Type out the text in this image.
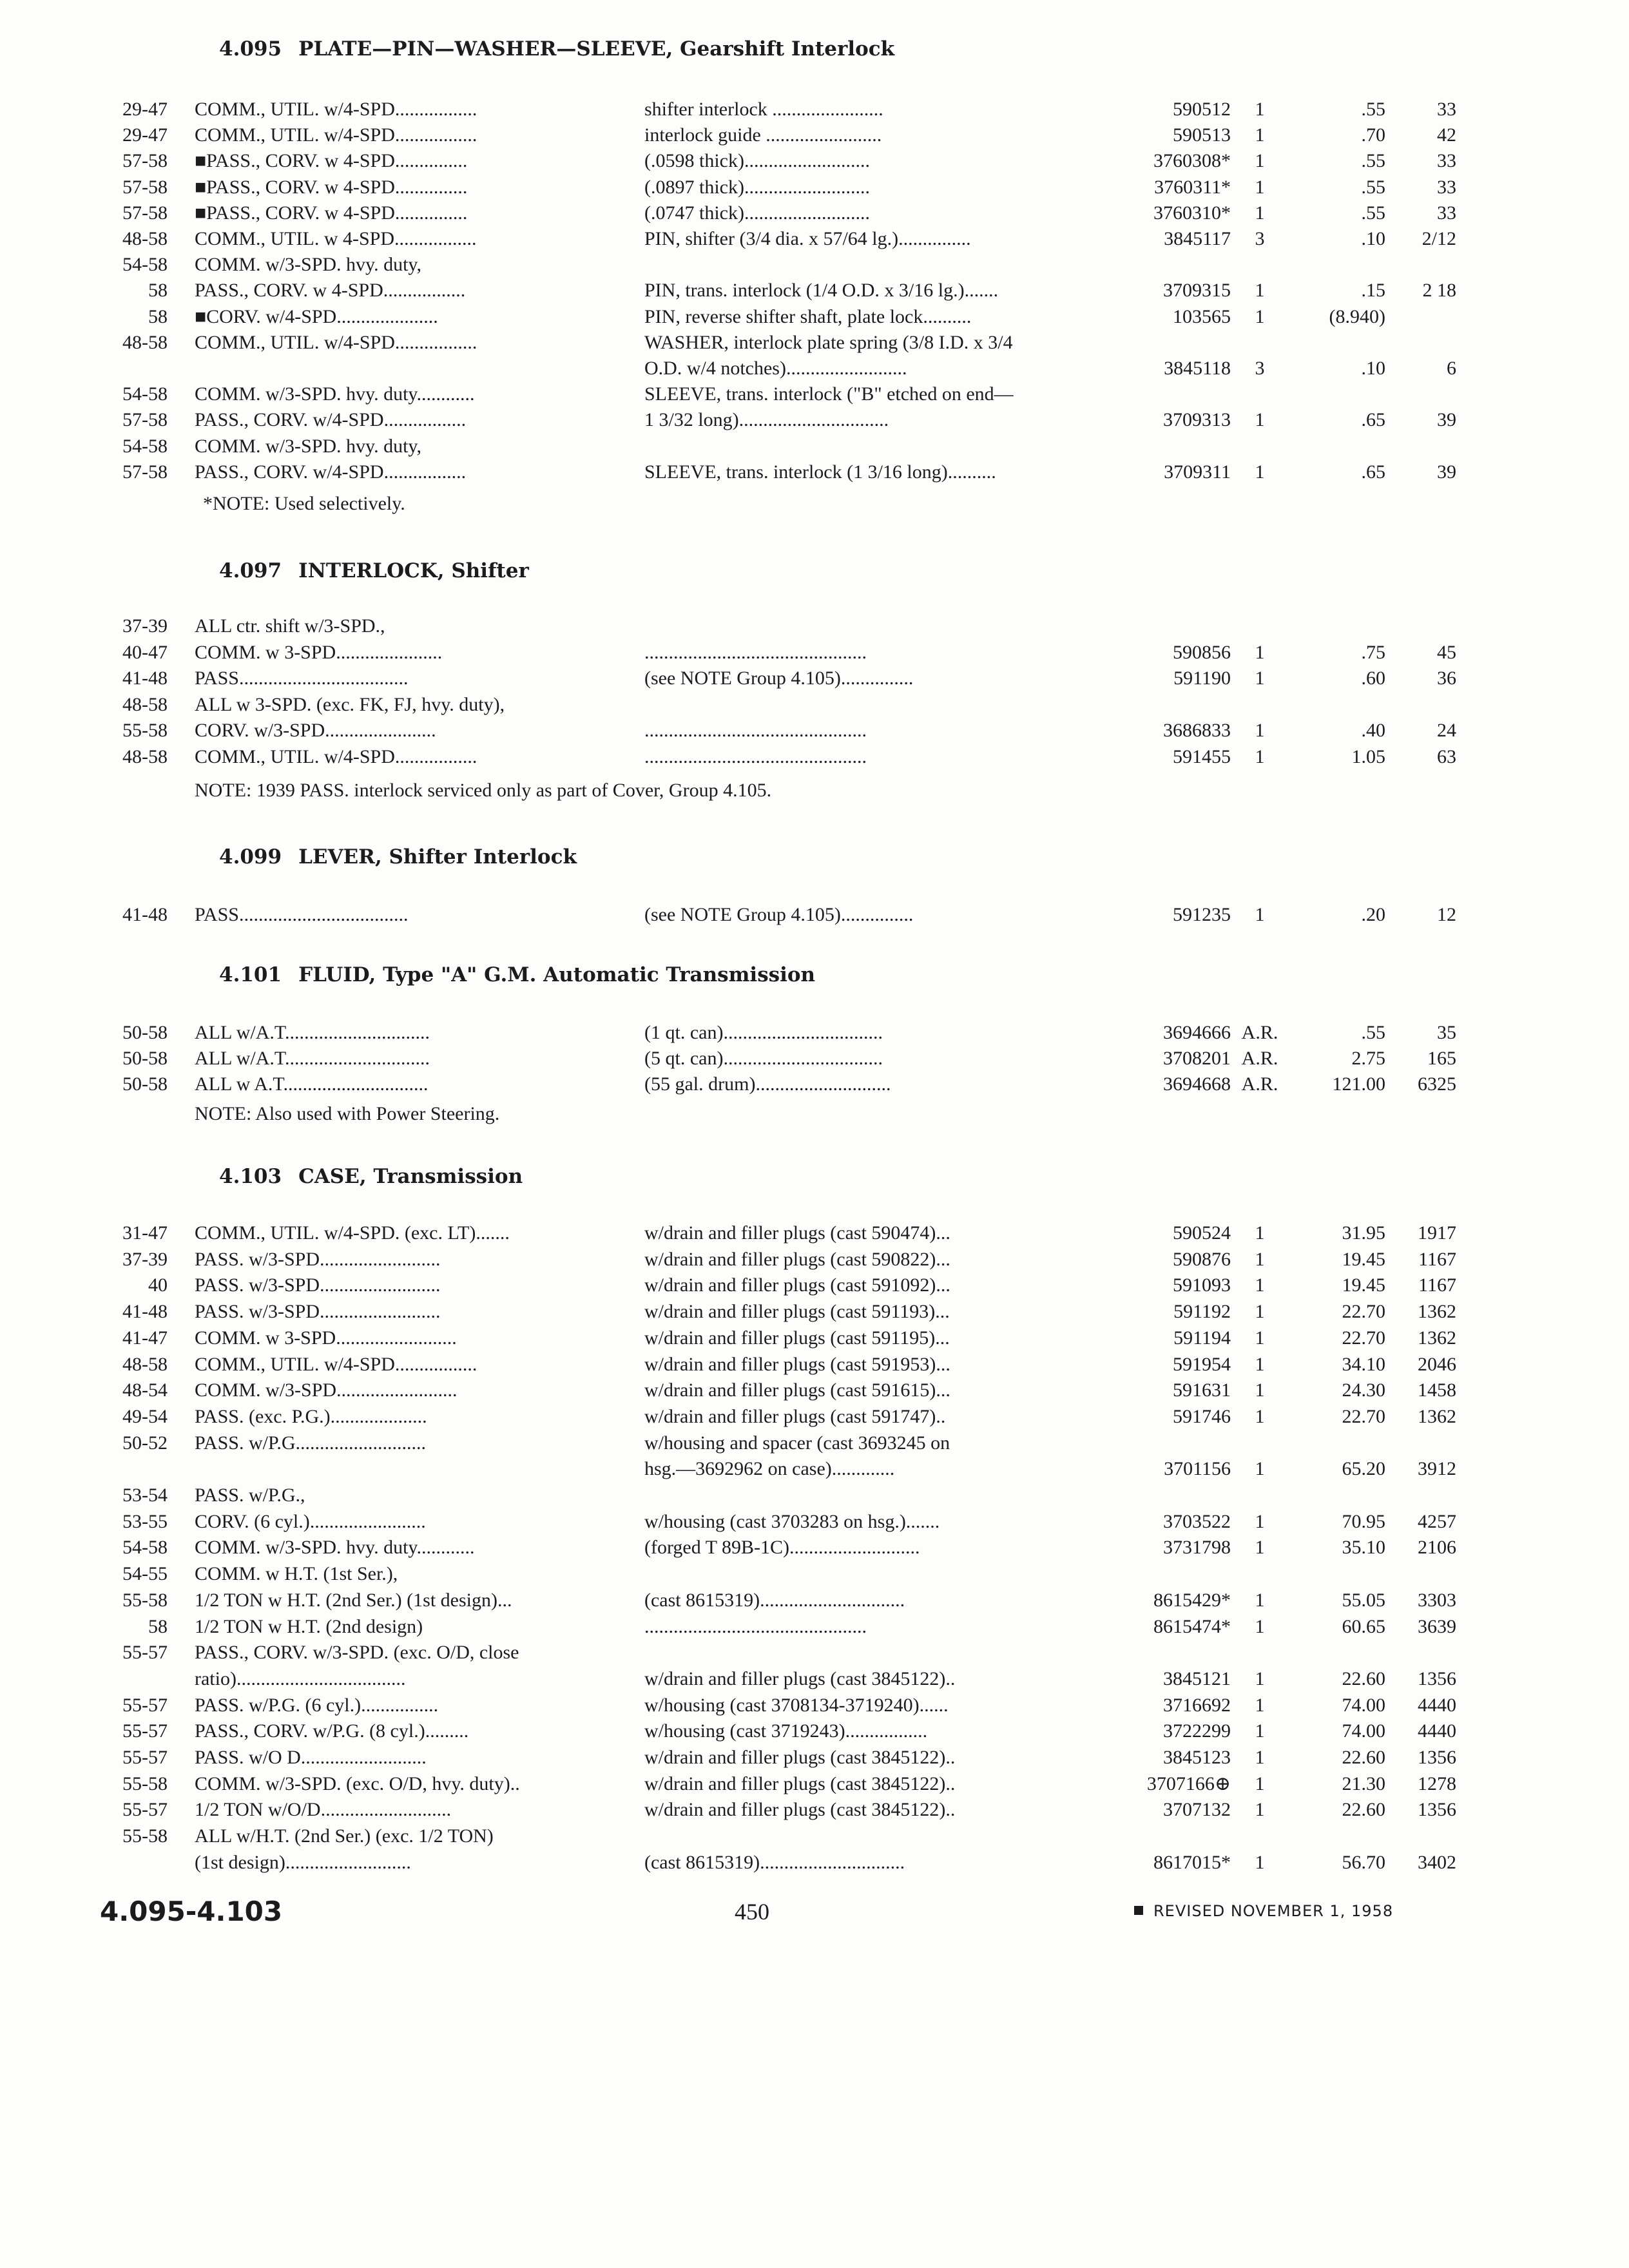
4.095 PLATE—PIN—WASHER—SLEEVE, Gearshift Interlock
29-47 COMM., UTIL. w/4-SPD.................	shifter interlock .......................	590512	1	.55	33
29-47 COMM., UTIL. w/4-SPD.................	interlock guide ........................	590513	1	.70	42
57-58 ■PASS., CORV. w 4-SPD...............	(.0598 thick)..........................	3760308*	1	.55	33
57-58 ■PASS., CORV. w 4-SPD...............	(.0897 thick)..........................	3760311*	1	.55	33
57-58 ■PASS., CORV. w 4-SPD...............	(.0747 thick)..........................	3760310*	1	.55	33
48-58 COMM., UTIL. w 4-SPD.................	PIN, shifter (3/4 dia. x 57/64 lg.)...............	3845117	3	.10	2/12
54-58 COMM. w/3-SPD. hvy. duty,
58 PASS., CORV. w 4-SPD.................	PIN, trans. interlock (1/4 O.D. x 3/16 lg.).......	3709315	1	.15	2 18
58 ■CORV. w/4-SPD.....................	PIN, reverse shifter shaft, plate lock..........	103565	1	(8.940)
48-58 COMM., UTIL. w/4-SPD.................	WASHER, interlock plate spring (3/8 I.D. x 3/4
O.D. w/4 notches).........................	3845118	3	.10	6
54-58 COMM. w/3-SPD. hvy. duty............	SLEEVE, trans. interlock ("B" etched on end—
57-58 PASS., CORV. w/4-SPD.................	1 3/32 long)...............................	3709313	1	.65	39
54-58 COMM. w/3-SPD. hvy. duty,
57-58 PASS., CORV. w/4-SPD.................	SLEEVE, trans. interlock (1 3/16 long)..........	3709311	1	.65	39
*NOTE: Used selectively.
4.097 INTERLOCK, Shifter
37-39 ALL ctr. shift w/3-SPD.,
40-47 COMM. w 3-SPD......................	..............................................	590856	1	.75	45
41-48 PASS...................................	(see NOTE Group 4.105)...............	591190	1	.60	36
48-58 ALL w 3-SPD. (exc. FK, FJ, hvy. duty),
55-58 CORV. w/3-SPD.......................	..............................................	3686833	1	.40	24
48-58 COMM., UTIL. w/4-SPD.................	..............................................	591455	1	1.05	63
NOTE: 1939 PASS. interlock serviced only as part of Cover, Group 4.105.
4.099 LEVER, Shifter Interlock
41-48 PASS...................................	(see NOTE Group 4.105)...............	591235	1	.20	12
4.101 FLUID, Type "A" G.M. Automatic Transmission
50-58 ALL w/A.T..............................	(1 qt. can).................................	3694666 A.R.	.55	35
50-58 ALL w/A.T..............................	(5 qt. can).................................	3708201 A.R.	2.75	165
50-58 ALL w A.T..............................	(55 gal. drum)............................	3694668 A.R.	121.00	6325
NOTE: Also used with Power Steering.
4.103 CASE, Transmission
31-47 COMM., UTIL. w/4-SPD. (exc. LT).......	w/drain and filler plugs (cast 590474)...	590524	1	31.95	1917
37-39 PASS. w/3-SPD.........................	w/drain and filler plugs (cast 590822)...	590876	1	19.45	1167
40 PASS. w/3-SPD.........................	w/drain and filler plugs (cast 591092)...	591093	1	19.45	1167
41-48 PASS. w/3-SPD.........................	w/drain and filler plugs (cast 591193)...	591192	1	22.70	1362
41-47 COMM. w 3-SPD.........................	w/drain and filler plugs (cast 591195)...	591194	1	22.70	1362
48-58 COMM., UTIL. w/4-SPD.................	w/drain and filler plugs (cast 591953)...	591954	1	34.10	2046
48-54 COMM. w/3-SPD.........................	w/drain and filler plugs (cast 591615)...	591631	1	24.30	1458
49-54 PASS. (exc. P.G.)....................	w/drain and filler plugs (cast 591747)..	591746	1	22.70	1362
50-52 PASS. w/P.G...........................	w/housing and spacer (cast 3693245 on
hsg.—3692962 on case).............	3701156	1	65.20	3912
53-54 PASS. w/P.G.,
53-55 CORV. (6 cyl.)........................	w/housing (cast 3703283 on hsg.).......	3703522	1	70.95	4257
54-58 COMM. w/3-SPD. hvy. duty............	(forged T 89B-1C)...........................	3731798	1	35.10	2106
54-55 COMM. w H.T. (1st Ser.),
55-58 1/2 TON w H.T. (2nd Ser.) (1st design)...	(cast 8615319)..............................	8615429*	1	55.05	3303
58 1/2 TON w H.T. (2nd design)	..............................................	8615474*	1	60.65	3639
55-57 PASS., CORV. w/3-SPD. (exc. O/D, close
ratio)...................................	w/drain and filler plugs (cast 3845122)..	3845121	1	22.60	1356
55-57 PASS. w/P.G. (6 cyl.)................	w/housing (cast 3708134-3719240)......	3716692	1	74.00	4440
55-57 PASS., CORV. w/P.G. (8 cyl.).........	w/housing (cast 3719243).................	3722299	1	74.00	4440
55-57 PASS. w/O D..........................	w/drain and filler plugs (cast 3845122)..	3845123	1	22.60	1356
55-58 COMM. w/3-SPD. (exc. O/D, hvy. duty)..	w/drain and filler plugs (cast 3845122)..	3707166⊕	1	21.30	1278
55-57 1/2 TON w/O/D...........................	w/drain and filler plugs (cast 3845122)..	3707132	1	22.60	1356
55-58 ALL w/H.T. (2nd Ser.) (exc. 1/2 TON)
(1st design)..........................	(cast 8615319)..............................	8617015*	1	56.70	3402
4.095-4.103	450	REVISED NOVEMBER 1, 1958
